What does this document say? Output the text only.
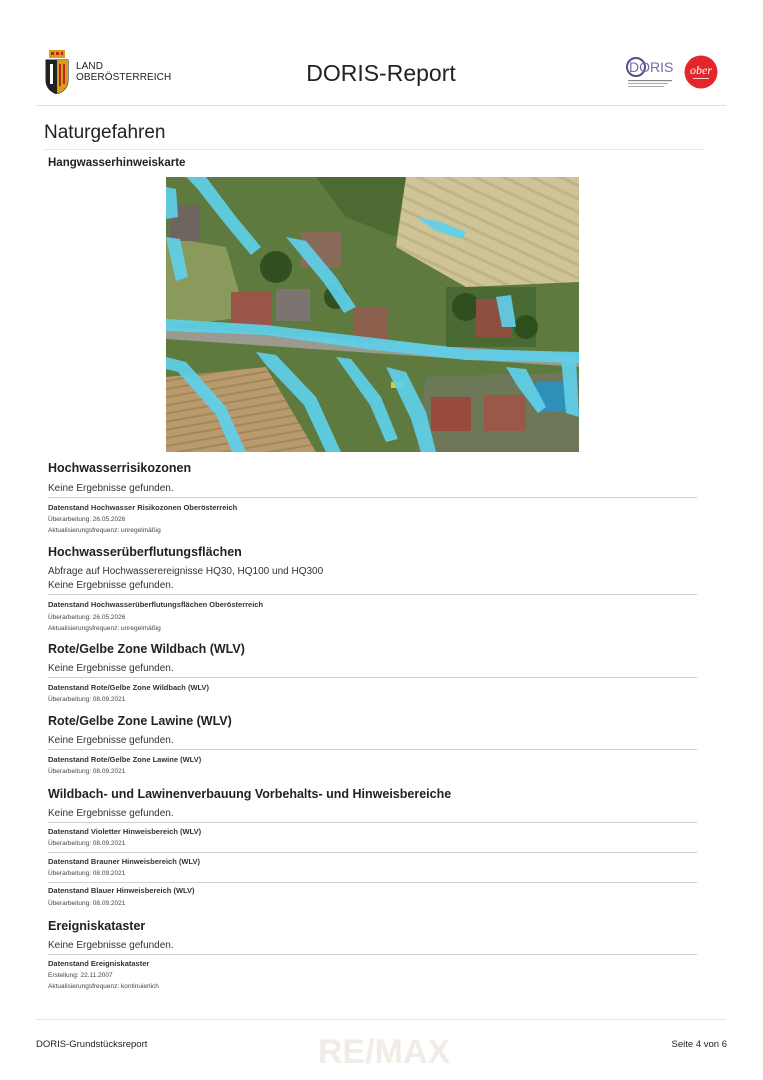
LAND
OBERÖSTERREICH	DORIS-Report	DORIS ober
Naturgefahren
Hangwasserhinweiskarte
Hochwasserrisikozonen
Keine Ergebnisse gefunden.
Datenstand Hochwasser Risikozonen Oberösterreich
Überarbeitung: 26.05.2026
Aktualisierungsfrequenz: unregelmäßig
Hochwasserüberflutungsflächen
Abfrage auf Hochwasserereignisse HQ30, HQ100 und HQ300
Keine Ergebnisse gefunden.
Datenstand Hochwasserüberflutungsflächen Oberösterreich
Überarbeitung: 26.05.2026
Aktualisierungsfrequenz: unregelmäßig
Rote/Gelbe Zone Wildbach (WLV)
Keine Ergebnisse gefunden.
Datenstand Rote/Gelbe Zone Wildbach (WLV)
Überarbeitung: 08.09.2021
Rote/Gelbe Zone Lawine (WLV)
Keine Ergebnisse gefunden.
Datenstand Rote/Gelbe Zone Lawine (WLV)
Überarbeitung: 08.09.2021
Wildbach- und Lawinenverbauung Vorbehalts- und Hinweisbereiche
Keine Ergebnisse gefunden.
Datenstand Violetter Hinweisbereich (WLV)
Überarbeitung: 08.09.2021
Datenstand Brauner Hinweisbereich (WLV)
Überarbeitung: 08.09.2021
Datenstand Blauer Hinweisbereich (WLV)
Überarbeitung: 08.09.2021
Ereigniskataster
Keine Ergebnisse gefunden.
Datenstand Ereigniskataster
Erstellung: 22.11.2007
Aktualisierungsfrequenz: kontinuierlich
RE/MAX
DORIS-Grundstücksreport	Seite 4 von 6
